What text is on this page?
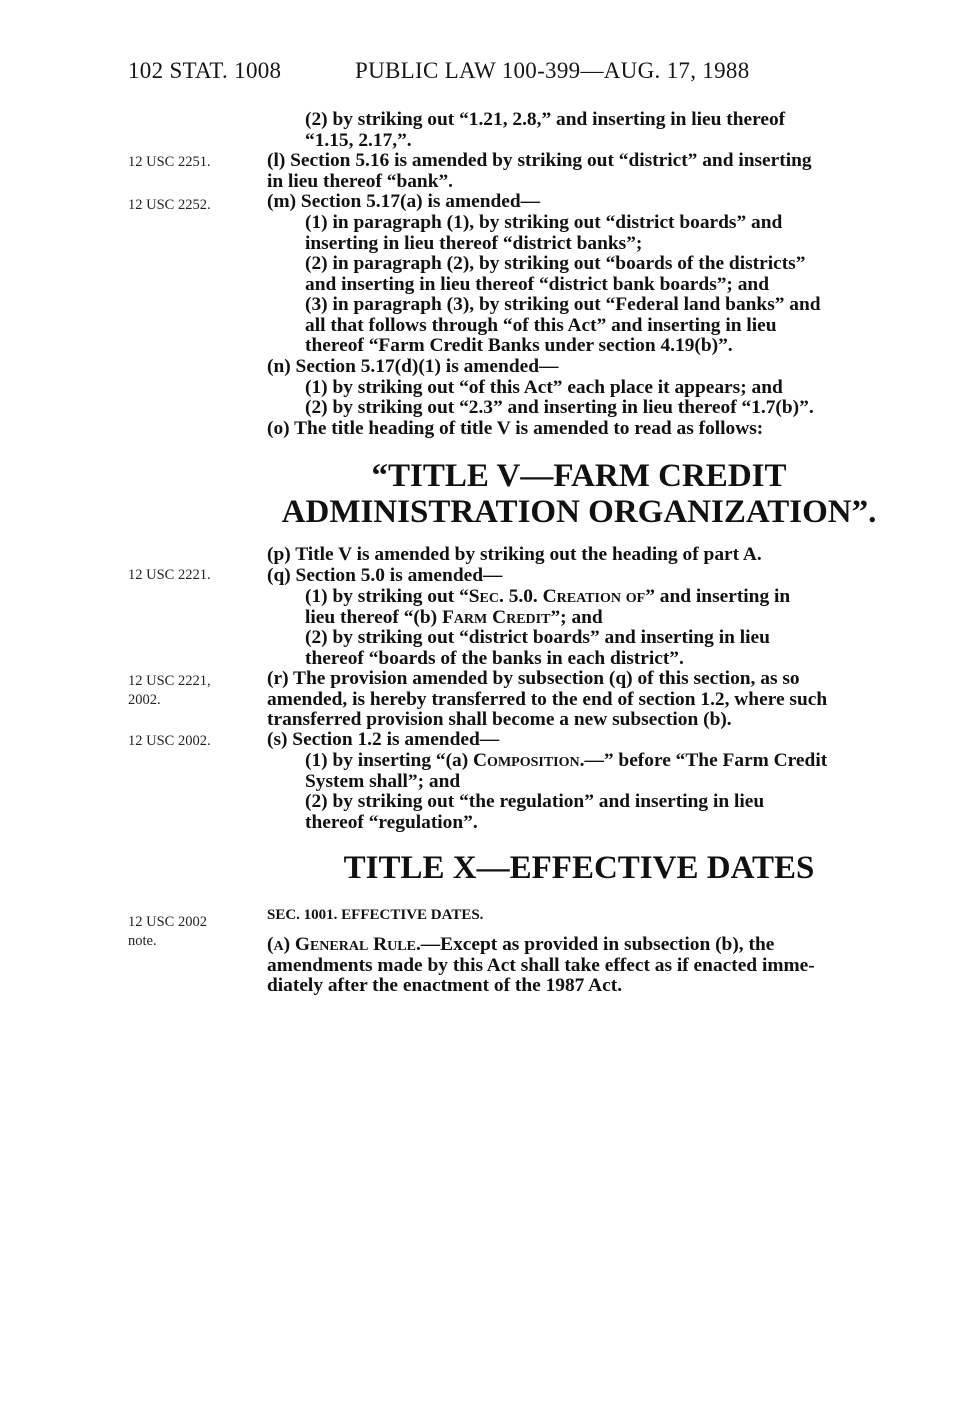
102 STAT. 1008	PUBLIC LAW 100-399—AUG. 17, 1988
12 USC 2251.
12 USC 2252.
12 USC 2221.
12 USC 2221, 2002.
12 USC 2002.
12 USC 2002 note.
(2) by striking out “1.21, 2.8,” and inserting in lieu thereof
“1.15, 2.17,”.
(l) Section 5.16 is amended by striking out “district” and inserting
in lieu thereof “bank”.
(m) Section 5.17(a) is amended—
(1) in paragraph (1), by striking out “district boards” and
inserting in lieu thereof “district banks”;
(2) in paragraph (2), by striking out “boards of the districts”
and inserting in lieu thereof “district bank boards”; and
(3) in paragraph (3), by striking out “Federal land banks” and
all that follows through “of this Act” and inserting in lieu
thereof “Farm Credit Banks under section 4.19(b)”.
(n) Section 5.17(d)(1) is amended—
(1) by striking out “of this Act” each place it appears; and
(2) by striking out “2.3” and inserting in lieu thereof “1.7(b)”.
(o) The title heading of title V is amended to read as follows:
“TITLE V—FARM CREDIT
ADMINISTRATION ORGANIZATION”.
(p) Title V is amended by striking out the heading of part A.
(q) Section 5.0 is amended—
(1) by striking out “Sec. 5.0. Creation of” and inserting in
lieu thereof “(b) Farm Credit”; and
(2) by striking out “district boards” and inserting in lieu
thereof “boards of the banks in each district”.
(r) The provision amended by subsection (q) of this section, as so
amended, is hereby transferred to the end of section 1.2, where such
transferred provision shall become a new subsection (b).
(s) Section 1.2 is amended—
(1) by inserting “(a) Composition.—” before “The Farm Credit
System shall”; and
(2) by striking out “the regulation” and inserting in lieu
thereof “regulation”.
TITLE X—EFFECTIVE DATES
SEC. 1001. EFFECTIVE DATES.
(a) General Rule.—Except as provided in subsection (b), the
amendments made by this Act shall take effect as if enacted imme-
diately after the enactment of the 1987 Act.
